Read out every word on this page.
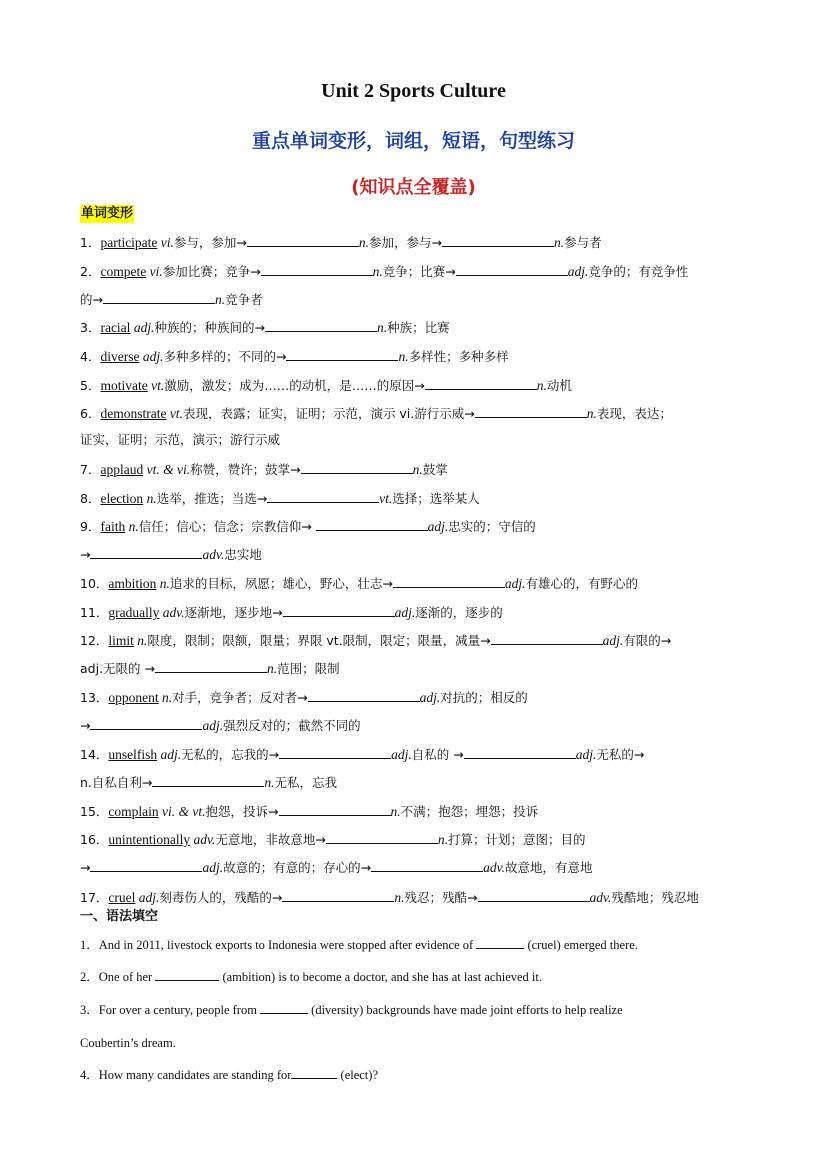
Unit 2 Sports Culture
重点单词变形，词组，短语，句型练习
(知识点全覆盖)
单词变形
1．participate vi.参与，参加→	n.参加，参与→	n.参与者
2．compete vi.参加比赛；竞争→	n.竞争；比赛→	adj.竞争的；有竞争性
的→	n.竞争者
3．racial adj.种族的；种族间的→	n.种族；比赛
4．diverse adj.多种多样的；不同的→	n.多样性；多种多样
5．motivate vt.激励，激发；成为……的动机，是……的原因→	n.动机
6．demonstrate vt.表现，表露；证实，证明；示范，演示 vi.游行示威→	n.表现，表达；
证实，证明；示范，演示；游行示威
7．applaud vt. & vi.称赞，赞许；鼓掌→	n.鼓掌
8．election n.选举，推选；当选→	vt.选择；选举某人
9．faith n.信任；信心；信念；宗教信仰→	adj.忠实的；守信的
→	adv.忠实地
10．ambition n.追求的目标，夙愿；雄心，野心，壮志→	adj.有雄心的，有野心的
11．gradually adv.逐渐地，逐步地→	adj.逐渐的，逐步的
12．limit n.限度，限制；限额，限量；界限 vt.限制，限定；限量，减量→	adj.有限的→
adj.无限的 →	n.范围；限制
13．opponent n.对手，竞争者；反对者→	adj.对抗的；相反的
→	adj.强烈反对的；截然不同的
14．unselfish adj.无私的，忘我的→	adj.自私的 →	adj.无私的→
n.自私自利→	n.无私，忘我
15．complain vi. & vt.抱怨，投诉→	n.不满；抱怨；埋怨；投诉
16．unintentionally adv.无意地，非故意地→	n.打算；计划；意图；目的
→	adj.故意的；有意的；存心的→	adv.故意地，有意地
17．cruel adj.刻毒伤人的，残酷的→	n.残忍；残酷→	adv.残酷地；残忍地
一、语法填空
1．And in 2011, livestock exports to Indonesia were stopped after evidence of	(cruel) emerged there.
2．One of her	(ambition) is to become a doctor, and she has at last achieved it.
3．For over a century, people from	(diversity) backgrounds have made joint efforts to help realize
Coubertin’s dream.
4．How many candidates are standing for	(elect)?
